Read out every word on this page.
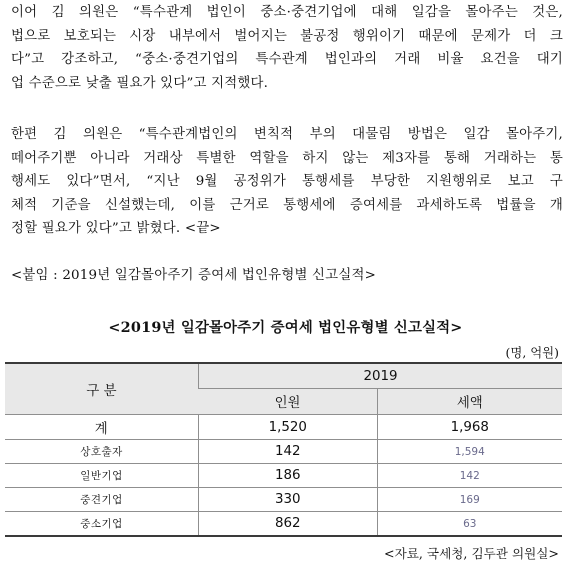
이어 김 의원은 “특수관계 법인이 중소·중견기업에 대해 일감을 몰아주는 것은,
법으로 보호되는 시장 내부에서 벌어지는 불공정 행위이기 때문에 문제가 더 크
다”고 강조하고, “중소·중견기업의 특수관계 법인과의 거래 비율 요건을 대기
업 수준으로 낮출 필요가 있다”고 지적했다.
한편 김 의원은 “특수관계법인의 변칙적 부의 대물림 방법은 일감 몰아주기,
떼어주기뿐 아니라 거래상 특별한 역할을 하지 않는 제3자를 통해 거래하는 통
행세도 있다”면서, “지난 9월 공정위가 통행세를 부당한 지원행위로 보고 구
체적 기준을 신설했는데, 이를 근거로 통행세에 증여세를 과세하도록 법률을 개
정할 필요가 있다”고 밝혔다. <끝>
<붙임 : 2019년 일감몰아주기 증여세 법인유형별 신고실적>
<2019년 일감몰아주기 증여세 법인유형별 신고실적>
(명, 억원)
구 분	2019	
	인원	세액
계	1,520	1,968
상호출자	142	1,594
일반기업	186	142
중견기업	330	169
중소기업	862	63
<자료, 국세청, 김두관 의원실>
